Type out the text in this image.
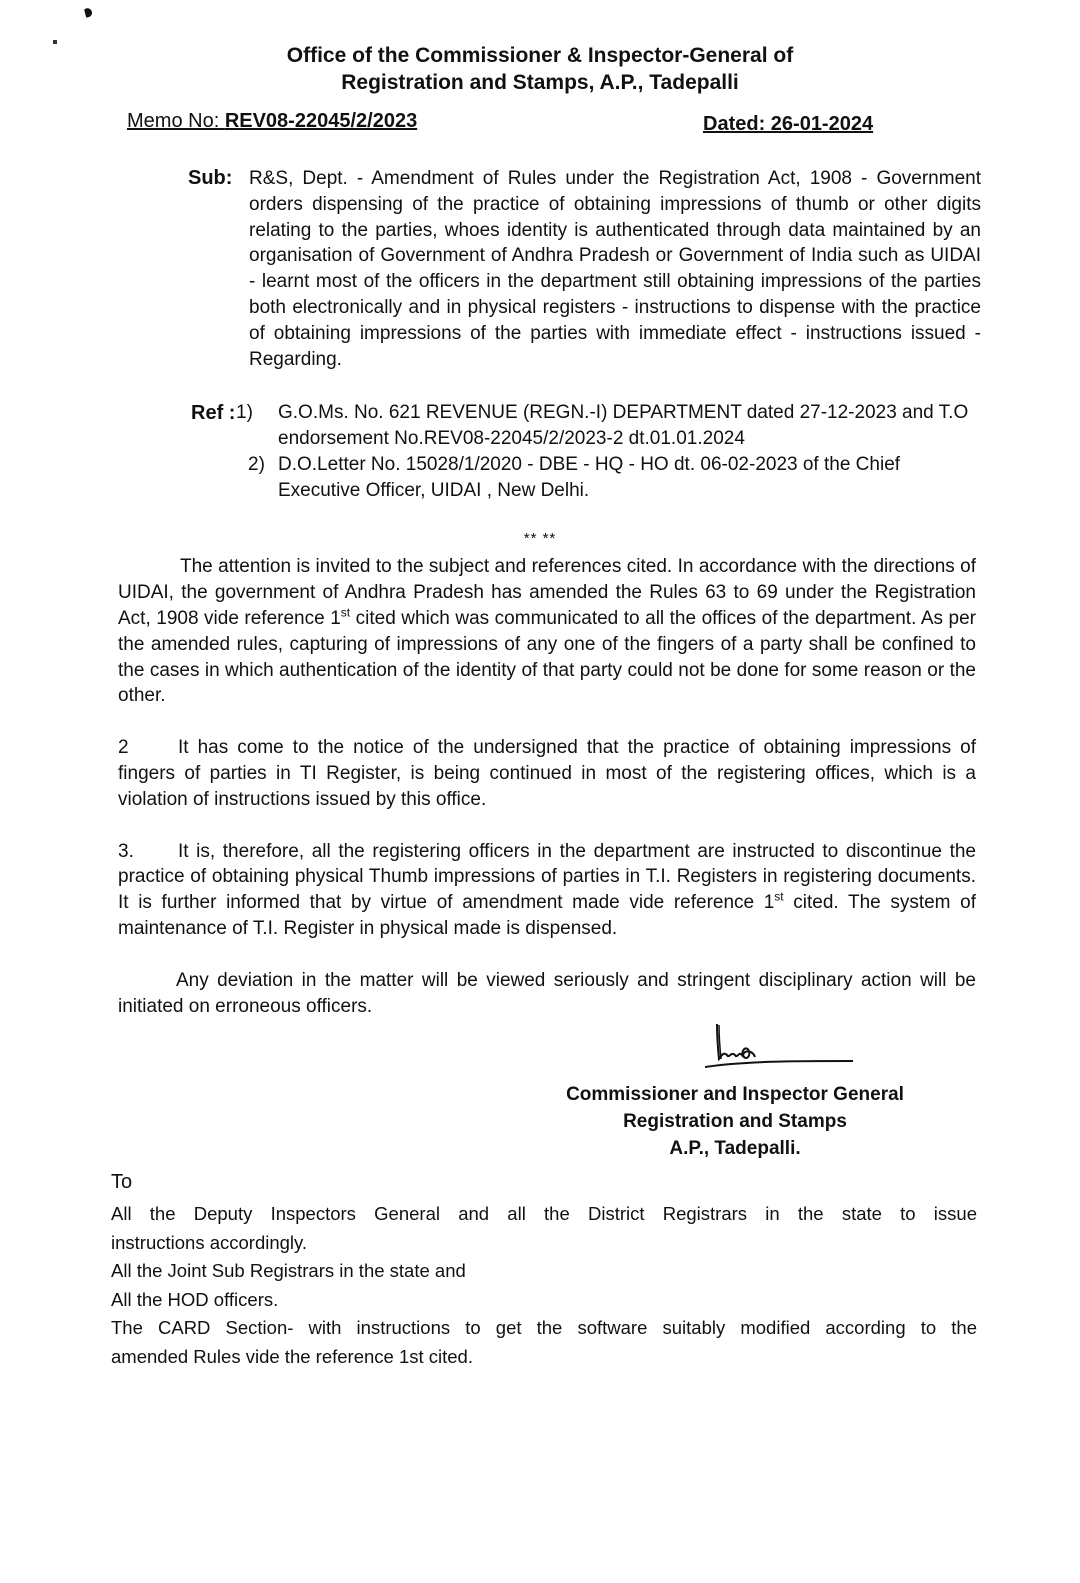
Office of the Commissioner & Inspector-General of
Registration and Stamps, A.P., Tadepalli
Memo No: REV08-22045/2/2023	Dated: 26-01-2024
Sub: R&S, Dept. - Amendment of Rules under the Registration Act, 1908 - Government orders dispensing of the practice of obtaining impressions of thumb or other digits relating to the parties, whoes identity is authenticated through data maintained by an organisation of Government of Andhra Pradesh or Government of India such as UIDAI - learnt most of the officers in the department still obtaining impressions of the parties both electronically and in physical registers - instructions to dispense with the practice of obtaining impressions of the parties with immediate effect - instructions issued - Regarding.
Ref : 1)	G.O.Ms. No. 621 REVENUE (REGN.-I) DEPARTMENT dated 27-12-2023 and T.O endorsement No.REV08-22045/2/2023-2 dt.01.01.2024
2) D.O.Letter No. 15028/1/2020 - DBE - HQ - HO dt. 06-02-2023 of the Chief Executive Officer, UIDAI , New Delhi.
** **
The attention is invited to the subject and references cited. In accordance with the directions of UIDAI, the government of Andhra Pradesh has amended the Rules 63 to 69 under the Registration Act, 1908 vide reference 1st cited which was communicated to all the offices of the department. As per the amended rules, capturing of impressions of any one of the fingers of a party shall be confined to the cases in which authentication of the identity of that party could not be done for some reason or the other.
2	It has come to the notice of the undersigned that the practice of obtaining impressions of fingers of parties in TI Register, is being continued in most of the registering offices, which is a violation of instructions issued by this office.
3. It is, therefore, all the registering officers in the department are instructed to discontinue the practice of obtaining physical Thumb impressions of parties in T.I. Registers in registering documents. It is further informed that by virtue of amendment made vide reference 1st cited. The system of maintenance of T.I. Register in physical made is dispensed.
Any deviation in the matter will be viewed seriously and stringent disciplinary action will be initiated on erroneous officers.
Commissioner and Inspector General
Registration and Stamps
A.P., Tadepalli.
To
All the Deputy Inspectors General and all the District Registrars in the state to issue
instructions accordingly.
All the Joint Sub Registrars in the state and
All the HOD officers.
The CARD Section- with instructions to get the software suitably modified according to the
amended Rules vide the reference 1st cited.
